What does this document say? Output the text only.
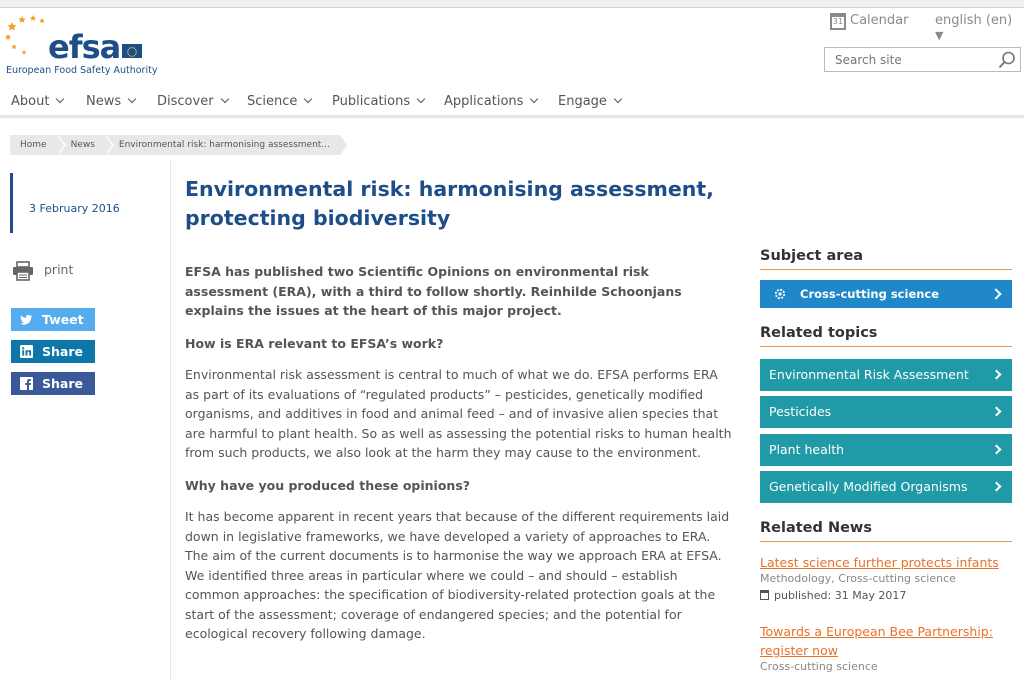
efsa
European Food Safety Authority
31 Calendar english (en) ▼
Search site
About	News	Discover	Science	Publications	Applications	Engage
Home	News	Environmental risk: harmonising assessment...
3 February 2016
print
Tweet
Share
Share
Environmental risk: harmonising assessment, protecting biodiversity

EFSA has published two Scientific Opinions on environmental risk assessment (ERA), with a third to follow shortly. Reinhilde Schoonjans explains the issues at the heart of this major project.

How is ERA relevant to EFSA’s work?

Environmental risk assessment is central to much of what we do. EFSA performs ERA as part of its evaluations of “regulated products” – pesticides, genetically modified organisms, and additives in food and animal feed – and of invasive alien species that are harmful to plant health. So as well as assessing the potential risks to human health from such products, we also look at the harm they may cause to the environment.

Why have you produced these opinions?

It has become apparent in recent years that because of the different requirements laid down in legislative frameworks, we have developed a variety of approaches to ERA. The aim of the current documents is to harmonise the way we approach ERA at EFSA. We identified three areas in particular where we could – and should – establish common approaches: the specification of biodiversity-related protection goals at the start of the assessment; coverage of endangered species; and the potential for ecological recovery following damage.

Subject area
Cross-cutting science
Related topics
Environmental Risk Assessment
Pesticides
Plant health
Genetically Modified Organisms
Related News
Latest science further protects infants
Methodology, Cross-cutting science
published: 31 May 2017
Towards a European Bee Partnership: register now
Cross-cutting science
